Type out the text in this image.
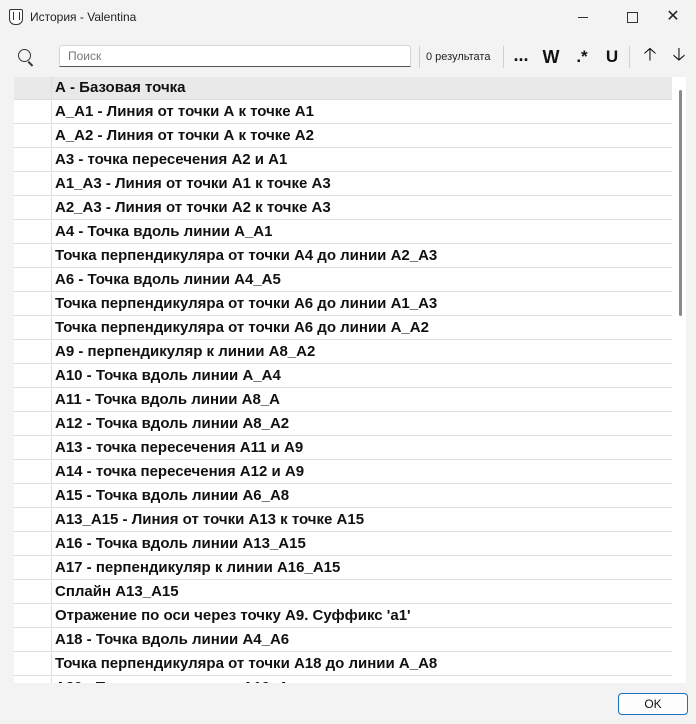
История - Valentina	✕
Поиск
0 результата ... W .*	U	🡡 🡣
А - Базовая точка
А_А1 - Линия от точки А к точке А1
А_А2 - Линия от точки А к точке А2
А3 - точка пересечения А2 и А1
А1_А3 - Линия от точки А1 к точке А3
А2_А3 - Линия от точки А2 к точке А3
А4 - Точка вдоль линии А_А1
Точка перпендикуляра от точки А4 до линии А2_А3
А6 - Точка вдоль линии А4_А5
Точка перпендикуляра от точки А6 до линии А1_А3
Точка перпендикуляра от точки А6 до линии А_А2
А9 - перпендикуляр к линии А8_А2
А10 - Точка вдоль линии А_А4
А11 - Точка вдоль линии А8_А
А12 - Точка вдоль линии А8_А2
А13 - точка пересечения А11 и А9
А14 - точка пересечения А12 и А9
А15 - Точка вдоль линии А6_А8
А13_А15 - Линия от точки А13 к точке А15
А16 - Точка вдоль линии А13_А15
А17 - перпендикуляр к линии А16_А15
Сплайн А13_А15
Отражение по оси через точку А9. Суффикс 'a1'
А18 - Точка вдоль линии А4_А6
Точка перпендикуляра от точки А18 до линии А_А8
OK
